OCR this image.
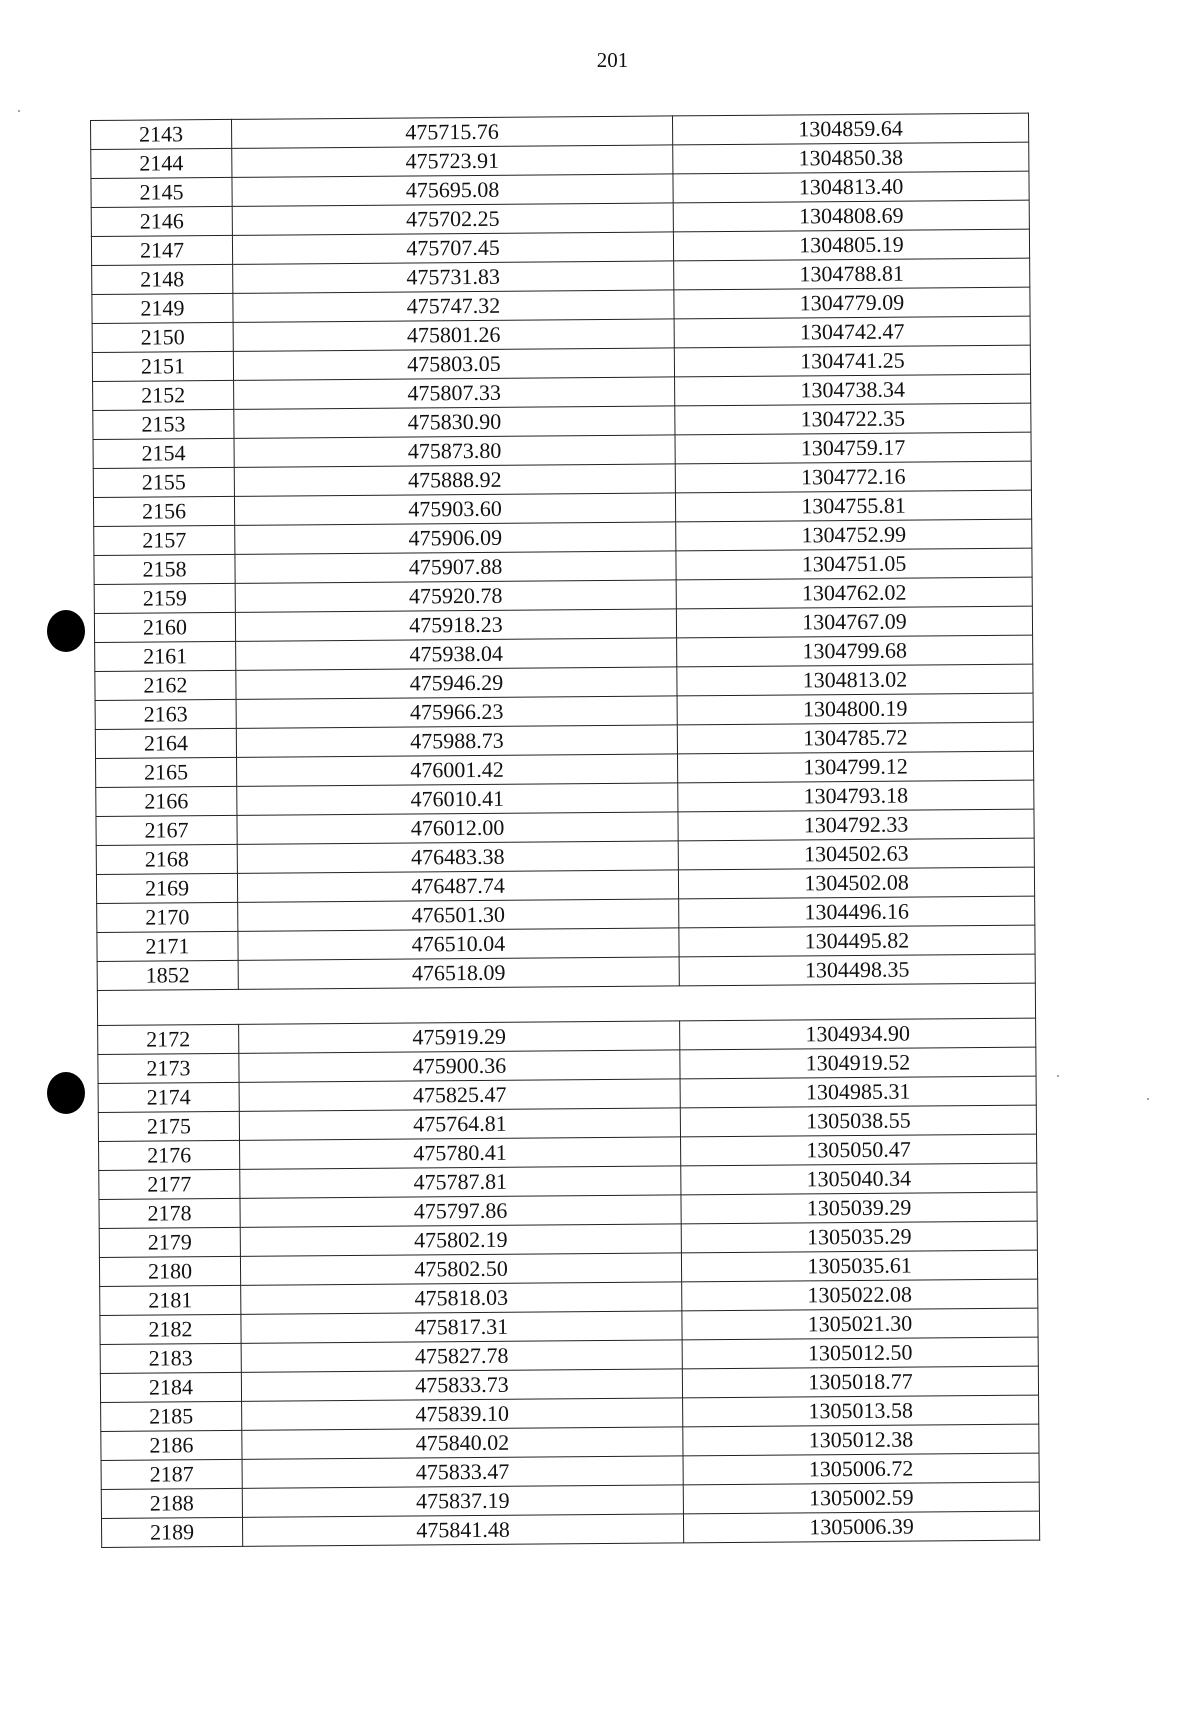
201
2143	475715.76	1304859.64
2144	475723.91	1304850.38
2145	475695.08	1304813.40
2146	475702.25	1304808.69
2147	475707.45	1304805.19
2148	475731.83	1304788.81
2149	475747.32	1304779.09
2150	475801.26	1304742.47
2151	475803.05	1304741.25
2152	475807.33	1304738.34
2153	475830.90	1304722.35
2154	475873.80	1304759.17
2155	475888.92	1304772.16
2156	475903.60	1304755.81
2157	475906.09	1304752.99
2158	475907.88	1304751.05
2159	475920.78	1304762.02
2160	475918.23	1304767.09
2161	475938.04	1304799.68
2162	475946.29	1304813.02
2163	475966.23	1304800.19
2164	475988.73	1304785.72
2165	476001.42	1304799.12
2166	476010.41	1304793.18
2167	476012.00	1304792.33
2168	476483.38	1304502.63
2169	476487.74	1304502.08
2170	476501.30	1304496.16
2171	476510.04	1304495.82
1852	476518.09	1304498.35

2172	475919.29	1304934.90
2173	475900.36	1304919.52
2174	475825.47	1304985.31
2175	475764.81	1305038.55
2176	475780.41	1305050.47
2177	475787.81	1305040.34
2178	475797.86	1305039.29
2179	475802.19	1305035.29
2180	475802.50	1305035.61
2181	475818.03	1305022.08
2182	475817.31	1305021.30
2183	475827.78	1305012.50
2184	475833.73	1305018.77
2185	475839.10	1305013.58
2186	475840.02	1305012.38
2187	475833.47	1305006.72
2188	475837.19	1305002.59
2189	475841.48	1305006.39
